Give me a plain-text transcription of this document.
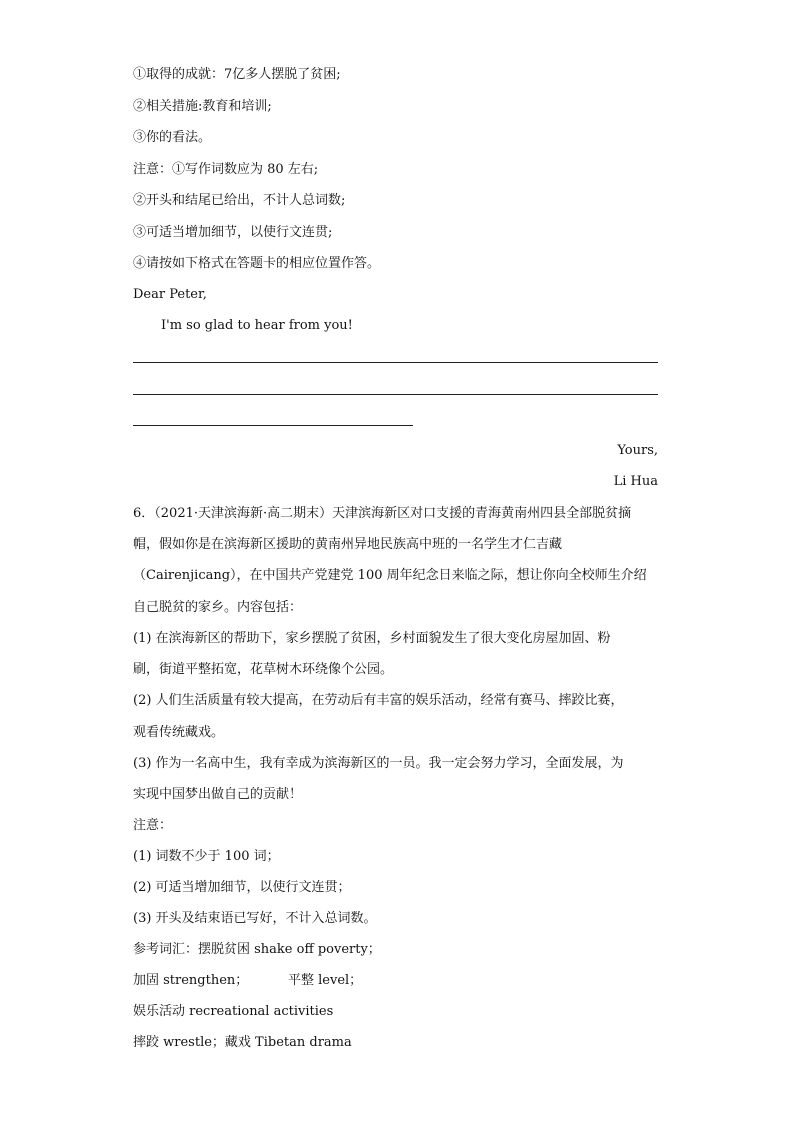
①取得的成就：7亿多人摆脱了贫困;
②相关措施:教育和培训;
③你的看法。
注意：①写作词数应为 80 左右;
②开头和结尾已给出，不计人总词数;
③可适当增加细节，以使行文连贯;
④请按如下格式在答题卡的相应位置作答。
Dear Peter,
I'm so glad to hear from you!
Yours,
Li Hua
6．（2021·天津滨海新·高二期末）天津滨海新区对口支援的青海黄南州四县全部脱贫摘
帽，假如你是在滨海新区援助的黄南州异地民族高中班的一名学生才仁吉藏
（Cairenjicang），在中国共产党建党 100 周年纪念日来临之际，想让你向全校师生介绍
自己脱贫的家乡。内容包括：
(1) 在滨海新区的帮助下，家乡摆脱了贫困，乡村面貌发生了很大变化房屋加固、粉
刷，街道平整拓宽，花草树木环绕像个公园。
(2) 人们生活质量有较大提高，在劳动后有丰富的娱乐活动，经常有赛马、摔跤比赛，
观看传统藏戏。
(3) 作为一名高中生，我有幸成为滨海新区的一员。我一定会努力学习，全面发展，为
实现中国梦出做自己的贡献！
注意：
(1) 词数不少于 100 词；
(2) 可适当增加细节，以使行文连贯；
(3) 开头及结束语已写好，不计入总词数。
参考词汇：摆脱贫困 shake off poverty；
加固 strengthen；	平整 level；
娱乐活动 recreational activities
摔跤 wrestle；藏戏 Tibetan drama
